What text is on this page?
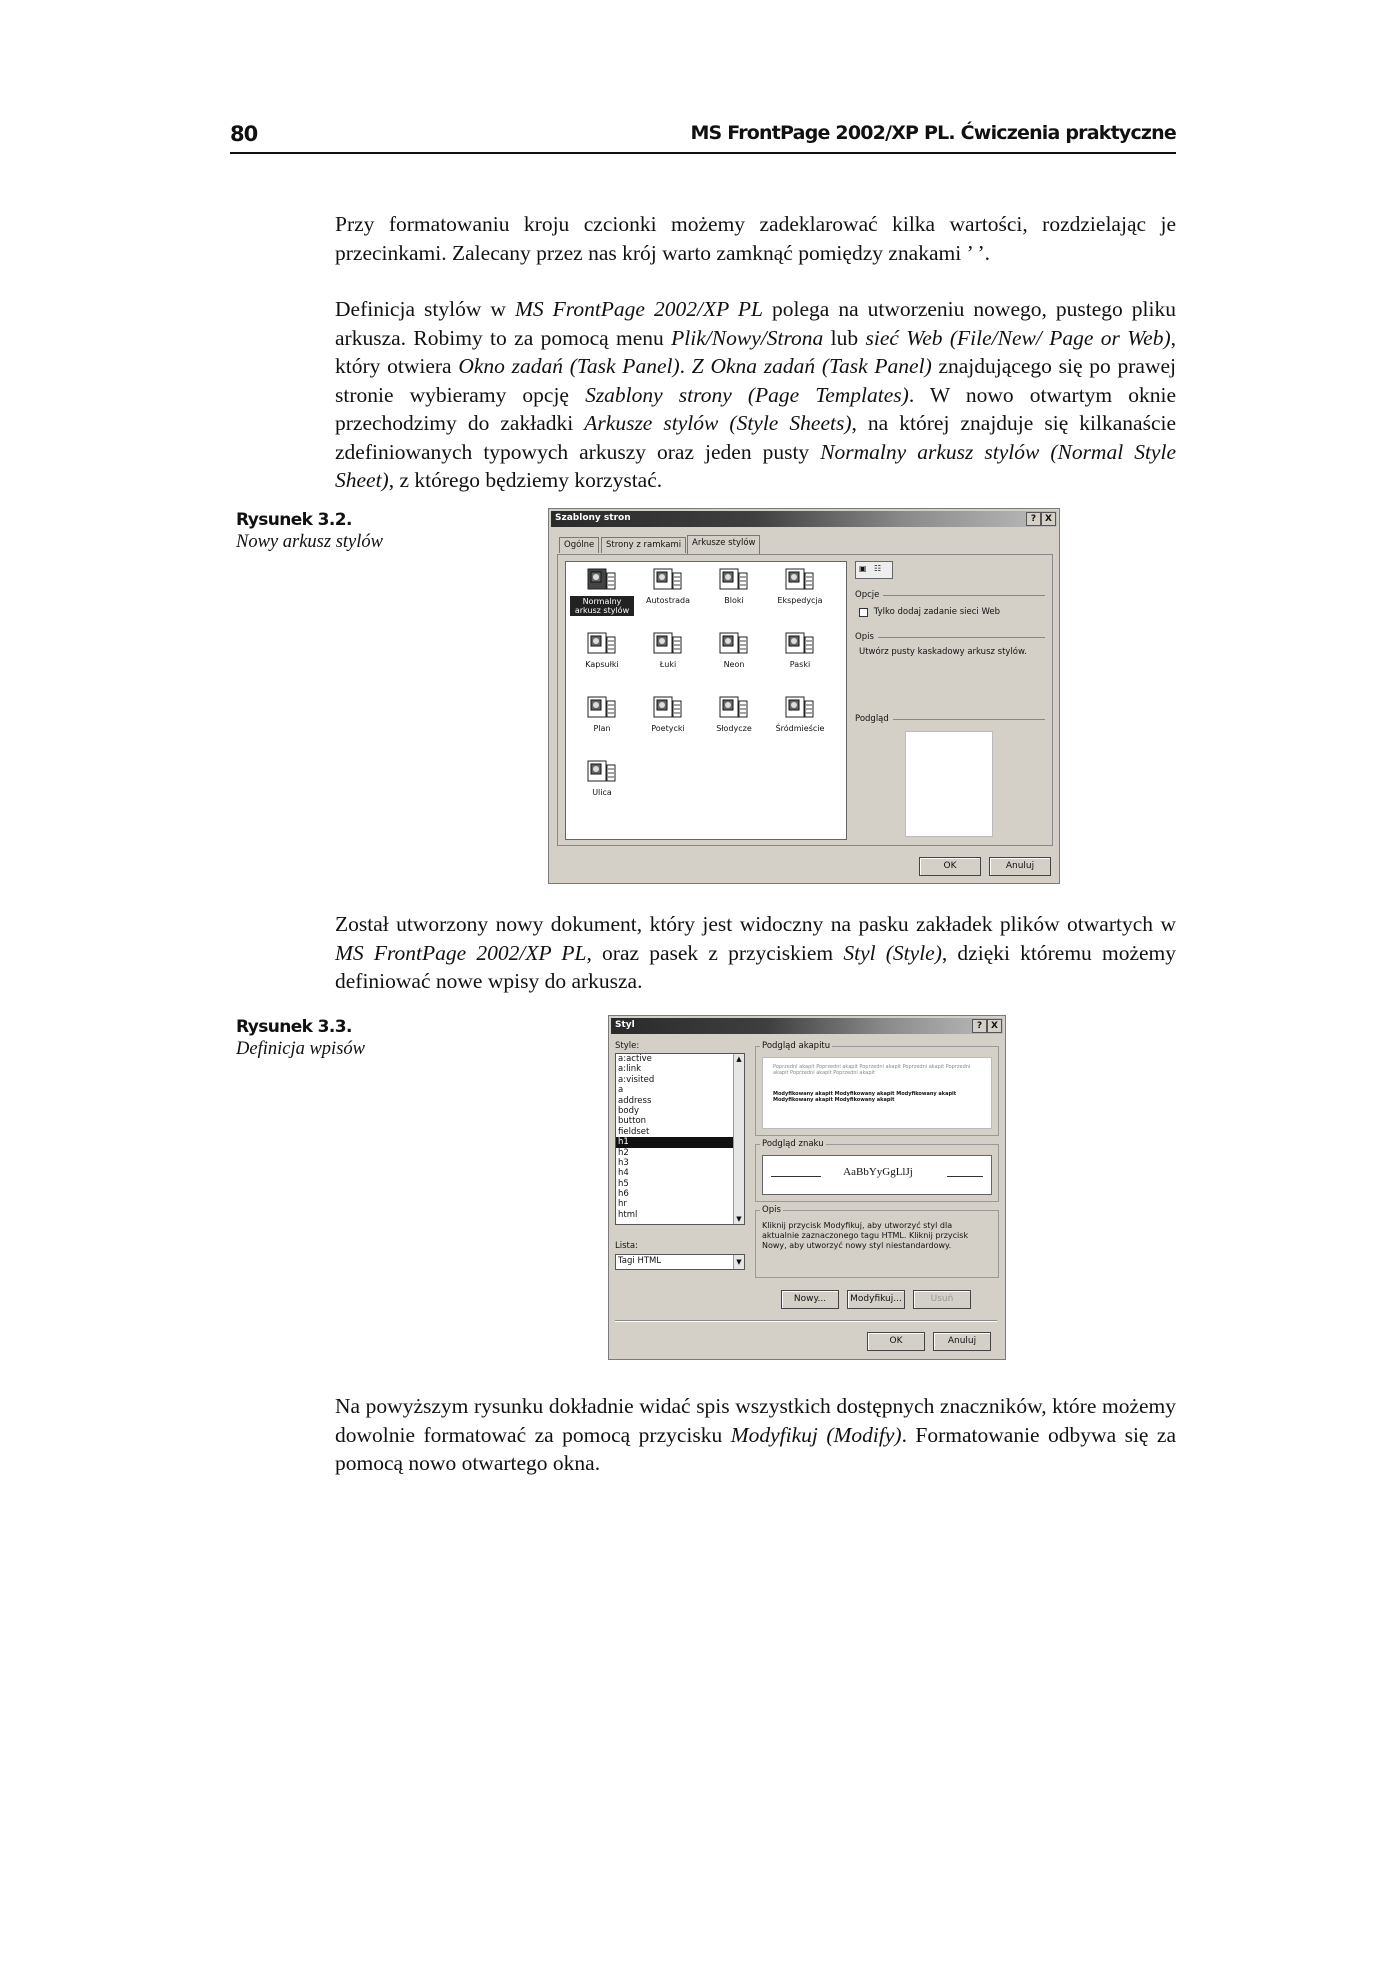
80	MS FrontPage 2002/XP PL. Ćwiczenia praktyczne

Przy formatowaniu kroju czcionki możemy zadeklarować kilka wartości, rozdzielając je przecinkami. Zalecany przez nas krój warto zamknąć pomiędzy znakami ’ ’.

Definicja stylów w MS FrontPage 2002/XP PL polega na utworzeniu nowego, pustego pliku arkusza. Robimy to za pomocą menu Plik/Nowy/Strona lub sieć Web (File/New/ Page or Web), który otwiera Okno zadań (Task Panel). Z Okna zadań (Task Panel) znajdującego się po prawej stronie wybieramy opcję Szablony strony (Page Templates). W nowo otwartym oknie przechodzimy do zakładki Arkusze stylów (Style Sheets), na której znajduje się kilkanaście zdefiniowanych typowych arkuszy oraz jeden pusty Normalny arkusz stylów (Normal Style Sheet), z którego będziemy korzystać.

Rysunek 3.2.
Nowy arkusz stylów
Szablony stron	? X
Ogólne	Strony z ramkami	Arkusze stylów
Normalny arkusz stylów
Autostrada	Bloki	Ekspedycja
Kapsułki	Łuki	Neon	Paski
Plan	Poetycki	Słodycze	Śródmieście
Ulica
▣ ☷
Opcje
Tylko dodaj zadanie sieci Web
Opis
Utwórz pusty kaskadowy arkusz stylów.
Podgląd
OK	Anuluj

Został utworzony nowy dokument, który jest widoczny na pasku zakładek plików otwartych w MS FrontPage 2002/XP PL, oraz pasek z przyciskiem Styl (Style), dzięki któremu możemy definiować nowe wpisy do arkusza.

Rysunek 3.3.
Definicja wpisów
Styl	? X
Style:
a:active
a:link
a:visited
a
address
body
button
fieldset
h1
h2
h3
h4
h5
h6
hr
html
▲
▼
Lista:
Tagi HTML	▼
Podgląd akapitu
Poprzedni akapit Poprzedni akapit Poprzedni akapit Poprzedni akapit Poprzedni akapit Poprzedni akapit Poprzedni akapit
Modyfikowany akapit Modyfikowany akapit Modyfikowany akapit Modyfikowany akapit Modyfikowany akapit
Podgląd znaku
AaBbYyGgLlJj
Opis
Kliknij przycisk Modyfikuj, aby utworzyć styl dla aktualnie zaznaczonego tagu HTML. Kliknij przycisk Nowy, aby utworzyć nowy styl niestandardowy.
Nowy...	Modyfikuj...	Usuń
OK	Anuluj

Na powyższym rysunku dokładnie widać spis wszystkich dostępnych znaczników, które możemy dowolnie formatować za pomocą przycisku Modyfikuj (Modify). Formatowanie odbywa się za pomocą nowo otwartego okna.
